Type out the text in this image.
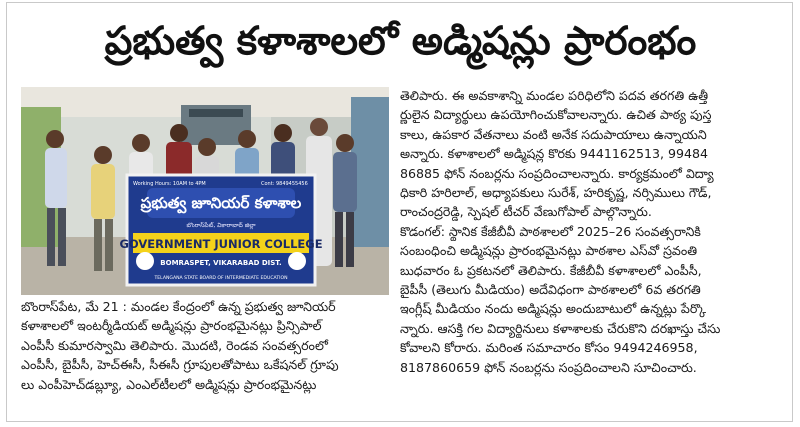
ప్రభుత్వ కళాశాలలో అడ్మిషన్లు ప్రారంభం
Working Hours: 10AM to 4PM	Cont: 9849455456
ప్రభుత్వ జూనియర్ కళాశాల
బొంరాస్‌పేట్, వికారాబాద్ జిల్లా
GOVERNMENT JUNIOR COLLEGE
BOMRASPET, VIKARABAD DIST.
TELANGANA STATE BOARD OF INTERMEDIATE EDUCATION
బొంరాస్‌పేట, మే 21 : మండల కేంద్రంలో ఉన్న ప్రభుత్వ జూనియర్
కళాశాలలో ఇంటర్మీడియట్ అడ్మిషన్లు ప్రారంభమైనట్లు ప్రిన్సిపాల్
ఎంపీసీ కుమారస్వామి తెలిపారు. మొదటి, రెండవ సంవత్సరంలో
ఎంపీసీ, బైపీసీ, హెచ్ఈసీ, సీఈసీ గ్రూపులతోపాటు ఒకేషనల్ గ్రూపు
లు ఎంపీహెచ్‌డబ్ల్యూ, ఎంఎల్‌టీలలో అడ్మిషన్లు ప్రారంభమైనట్లు
తెలిపారు. ఈ అవకాశాన్ని మండల పరిధిలోని పదవ తరగతి ఉత్తీ
ర్ణులైన విద్యార్థులు ఉపయోగించుకోవాలన్నారు. ఉచిత పాఠ్య పుస్త
కాలు, ఉపకార వేతనాలు వంటి అనేక సదుపాయాలు ఉన్నాయని
అన్నారు. కళాశాలలో అడ్మిషన్ల కొరకు 9441162513, 99484
86885 ఫోన్ నంబర్లను సంప్రదించాలన్నారు. కార్యక్రమంలో విద్యా
ధికారి హరిలాల్, అధ్యాపకులు సురేశ్, హరికృష్ణ, నర్సిములు గౌడ్,
రాంచంద్రరెడ్డి, స్పెషల్ టీచర్ వేణుగోపాల్ పాల్గొన్నారు.
కొడంగల్: స్థానిక కేజీబీవీ పాఠశాలలో 2025–26 సంవత్సరానికి
సంబంధించి అడ్మిషన్లు ప్రారంభమైనట్లు పాఠశాల ఎస్‌వో స్రవంతి
బుధవారం ఓ ప్రకటనలో తెలిపారు. కేజీబీవీ కళాశాలలో ఎంపీసీ,
బైపీసీ (తెలుగు మీడియం) అదేవిధంగా పాఠశాలలో 6వ తరగతి
ఇంగ్లీష్ మీడియం నందు అడ్మిషన్లు అందుబాటులో ఉన్నట్లు పేర్కొ
న్నారు. ఆసక్తి గల విద్యార్థినులు కళాశాలకు చేరుకొని దరఖాస్తు చేసు
కోవాలని కోరారు. మరింత సమాచారం కోసం 9494246958,
8187860659 ఫోన్ నంబర్లను సంప్రదించాలని సూచించారు.
